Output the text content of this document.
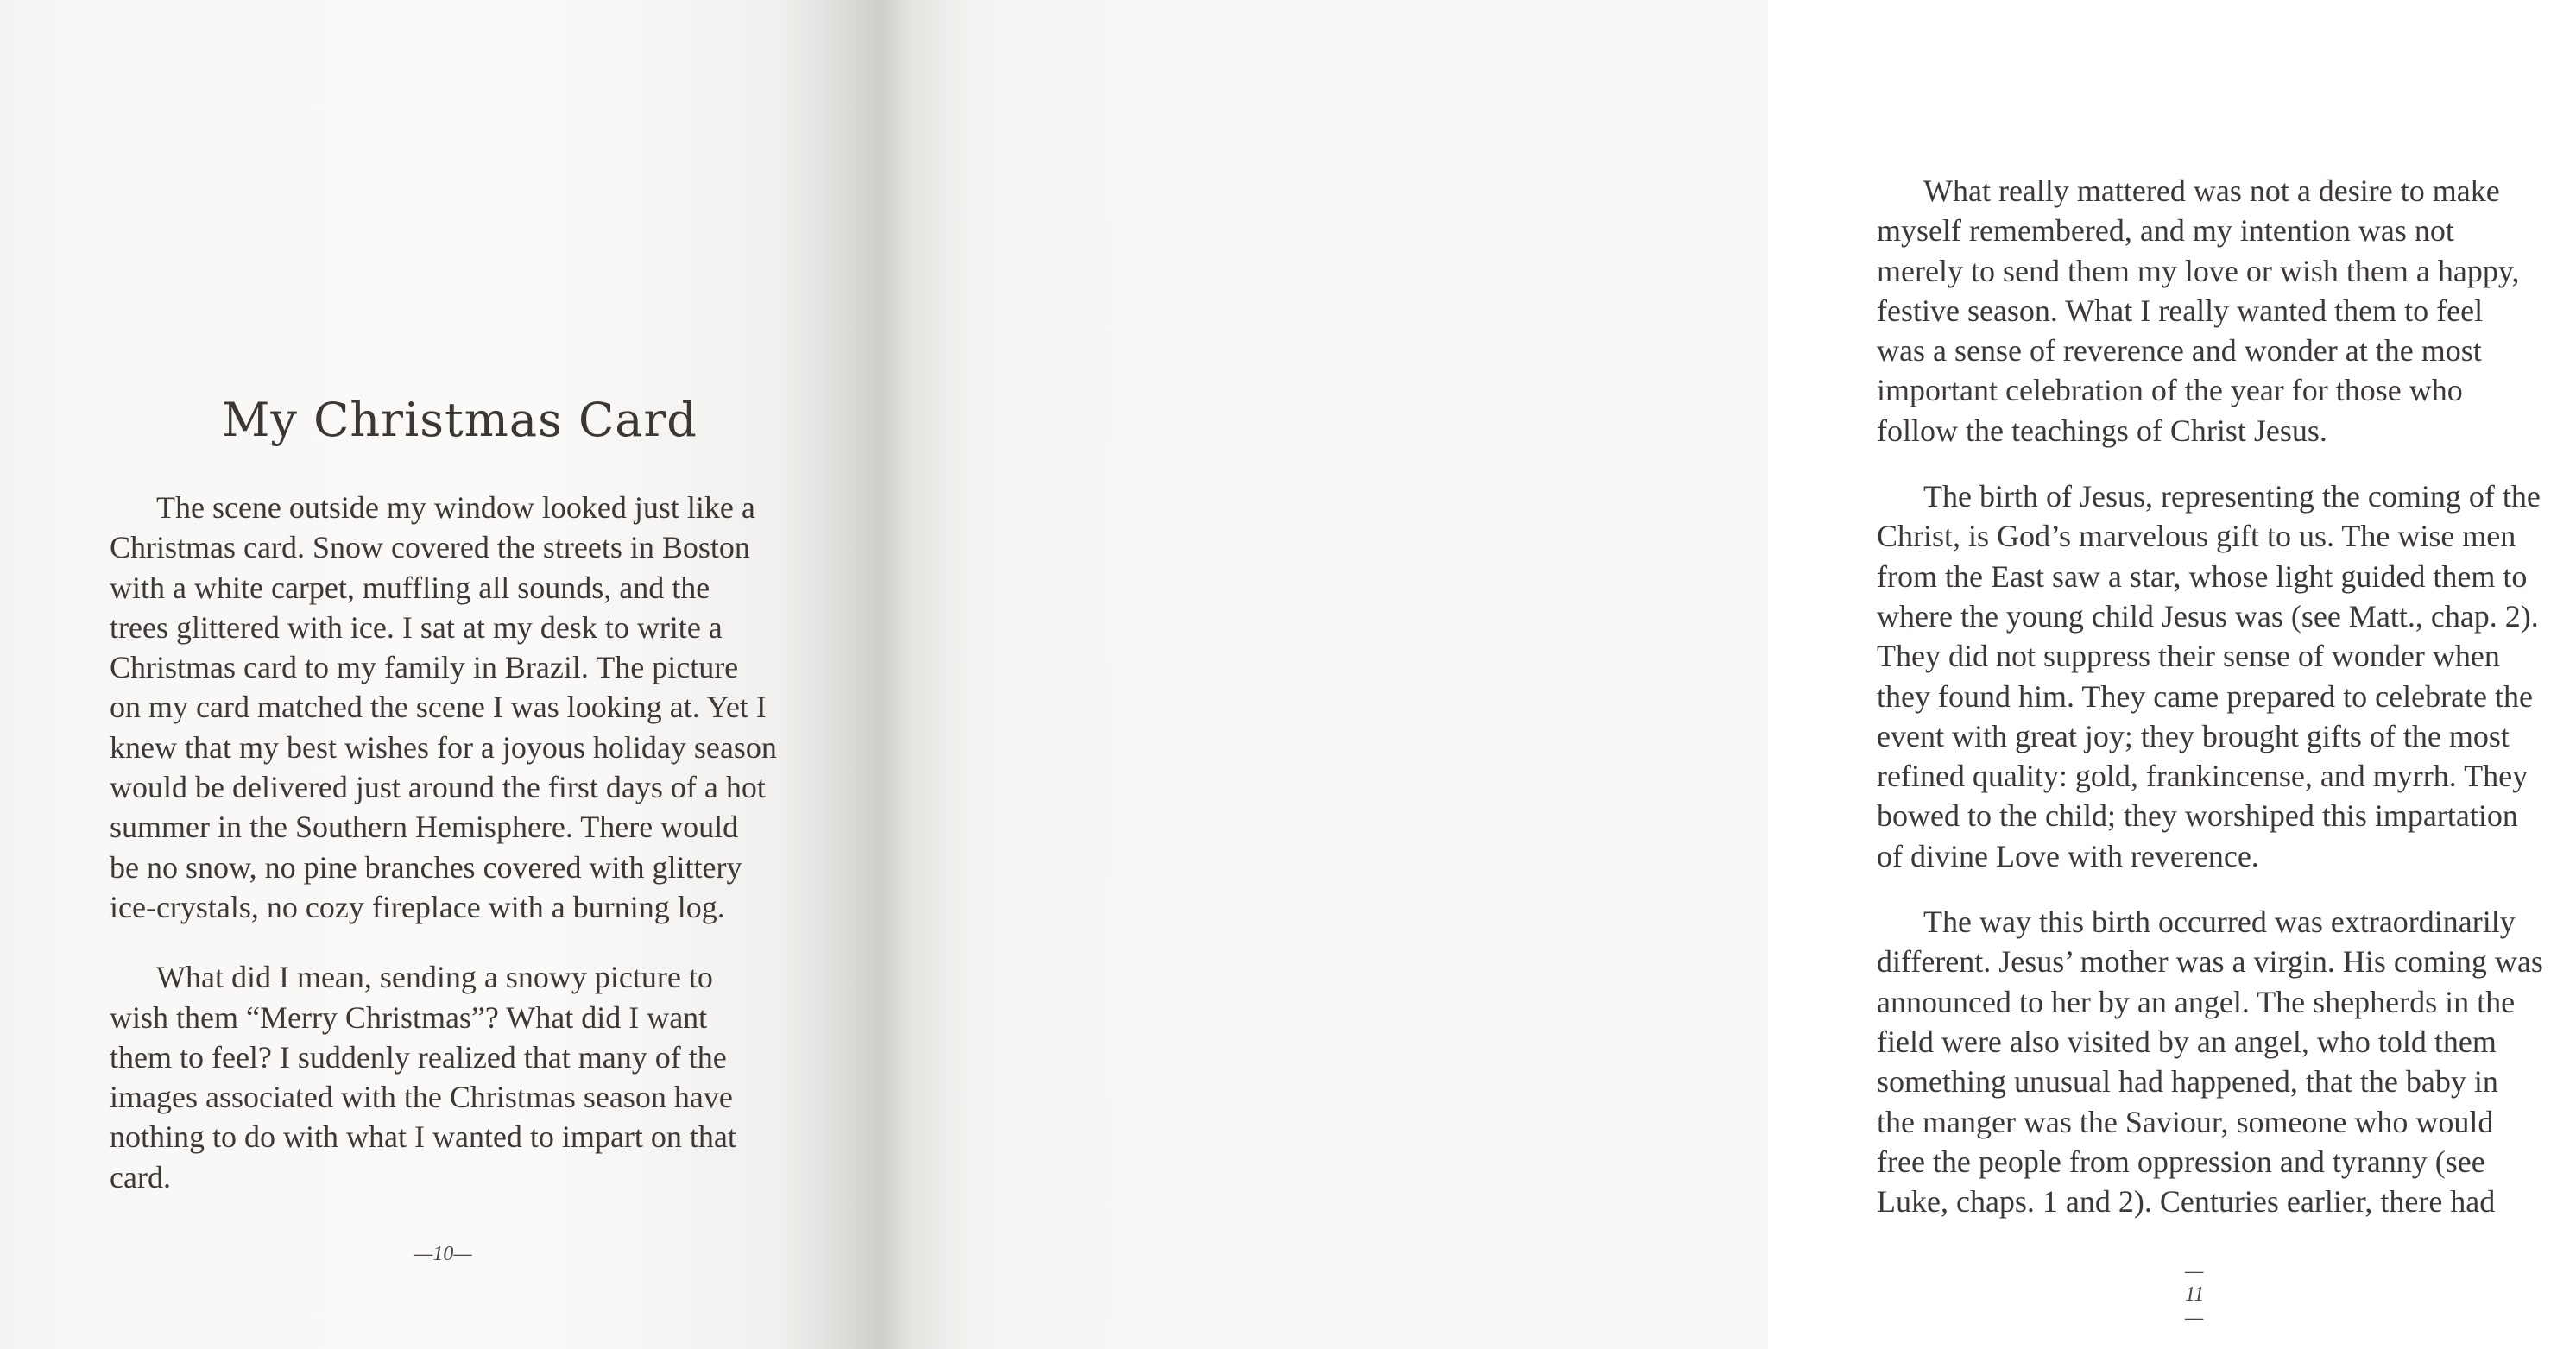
My Christmas Card

The scene outside my window looked just like a
Christmas card. Snow covered the streets in Boston
with a white carpet, muffling all sounds, and the
trees glittered with ice. I sat at my desk to write a
Christmas card to my family in Brazil. The picture
on my card matched the scene I was looking at. Yet I
knew that my best wishes for a joyous holiday season
would be delivered just around the first days of a hot
summer in the Southern Hemisphere. There would
be no snow, no pine branches covered with glittery
ice-crystals, no cozy fireplace with a burning log.

What did I mean, sending a snowy picture to
wish them “Merry Christmas”? What did I want
them to feel? I suddenly realized that many of the
images associated with the Christmas season have
nothing to do with what I wanted to impart on that
card.

—10—

What really mattered was not a desire to make
myself remembered, and my intention was not
merely to send them my love or wish them a happy,
festive season. What I really wanted them to feel
was a sense of reverence and wonder at the most
important celebration of the year for those who
follow the teachings of Christ Jesus.

The birth of Jesus, representing the coming of the
Christ, is God’s marvelous gift to us. The wise men
from the East saw a star, whose light guided them to
where the young child Jesus was (see Matt., chap. 2).
They did not suppress their sense of wonder when
they found him. They came prepared to celebrate the
event with great joy; they brought gifts of the most
refined quality: gold, frankincense, and myrrh. They
bowed to the child; they worshiped this impartation
of divine Love with reverence.

The way this birth occurred was extraordinarily
different. Jesus’ mother was a virgin. His coming was
announced to her by an angel. The shepherds in the
field were also visited by an angel, who told them
something unusual had happened, that the baby in
the manger was the Saviour, someone who would
free the people from oppression and tyranny (see
Luke, chaps. 1 and 2). Centuries earlier, there had

—11—
